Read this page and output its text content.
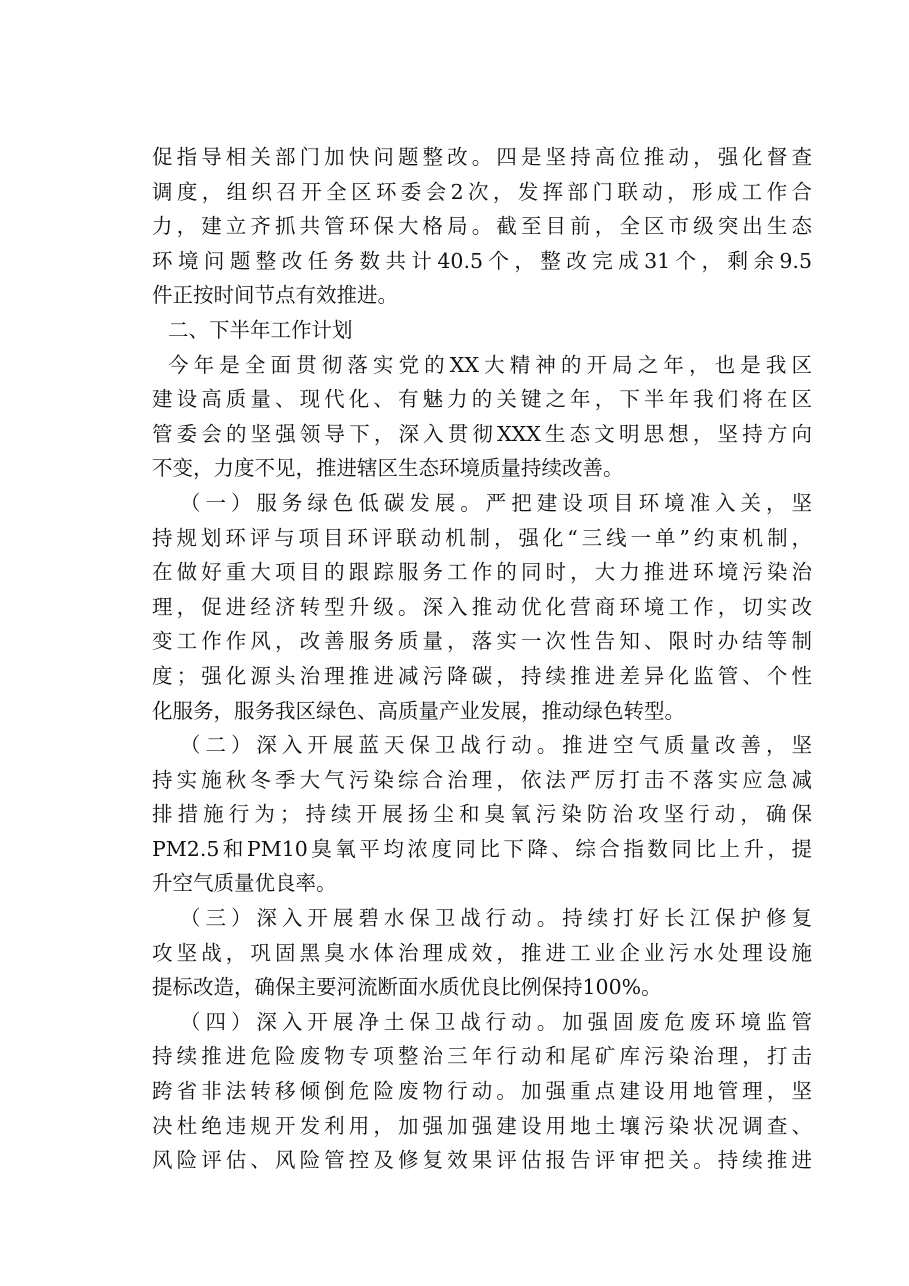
促指导相关部门加快问题整改。四是坚持高位推动，强化督查
调度，组织召开全区环委会2次，发挥部门联动，形成工作合
力，建立齐抓共管环保大格局。截至目前，全区市级突出生态
环境问题整改任务数共计40.5个，整改完成31个，剩余9.5
件正按时间节点有效推进。
二、下半年工作计划
今年是全面贯彻落实党的XX大精神的开局之年，也是我区
建设高质量、现代化、有魅力的关键之年，下半年我们将在区
管委会的坚强领导下，深入贯彻XXX生态文明思想，坚持方向
不变，力度不见，推进辖区生态环境质量持续改善。
（一）服务绿色低碳发展。严把建设项目环境准入关，坚
持规划环评与项目环评联动机制，强化“三线一单”约束机制，
在做好重大项目的跟踪服务工作的同时，大力推进环境污染治
理，促进经济转型升级。深入推动优化营商环境工作，切实改
变工作作风，改善服务质量，落实一次性告知、限时办结等制
度；强化源头治理推进减污降碳，持续推进差异化监管、个性
化服务，服务我区绿色、高质量产业发展，推动绿色转型。
（二）深入开展蓝天保卫战行动。推进空气质量改善，坚
持实施秋冬季大气污染综合治理，依法严厉打击不落实应急减
排措施行为；持续开展扬尘和臭氧污染防治攻坚行动，确保
PM2.5和PM10臭氧平均浓度同比下降、综合指数同比上升，提
升空气质量优良率。
（三）深入开展碧水保卫战行动。持续打好长江保护修复
攻坚战，巩固黑臭水体治理成效，推进工业企业污水处理设施
提标改造，确保主要河流断面水质优良比例保持100%。
（四）深入开展净土保卫战行动。加强固废危废环境监管
持续推进危险废物专项整治三年行动和尾矿库污染治理，打击
跨省非法转移倾倒危险废物行动。加强重点建设用地管理，坚
决杜绝违规开发利用，加强加强建设用地土壤污染状况调查、
风险评估、风险管控及修复效果评估报告评审把关。持续推进
